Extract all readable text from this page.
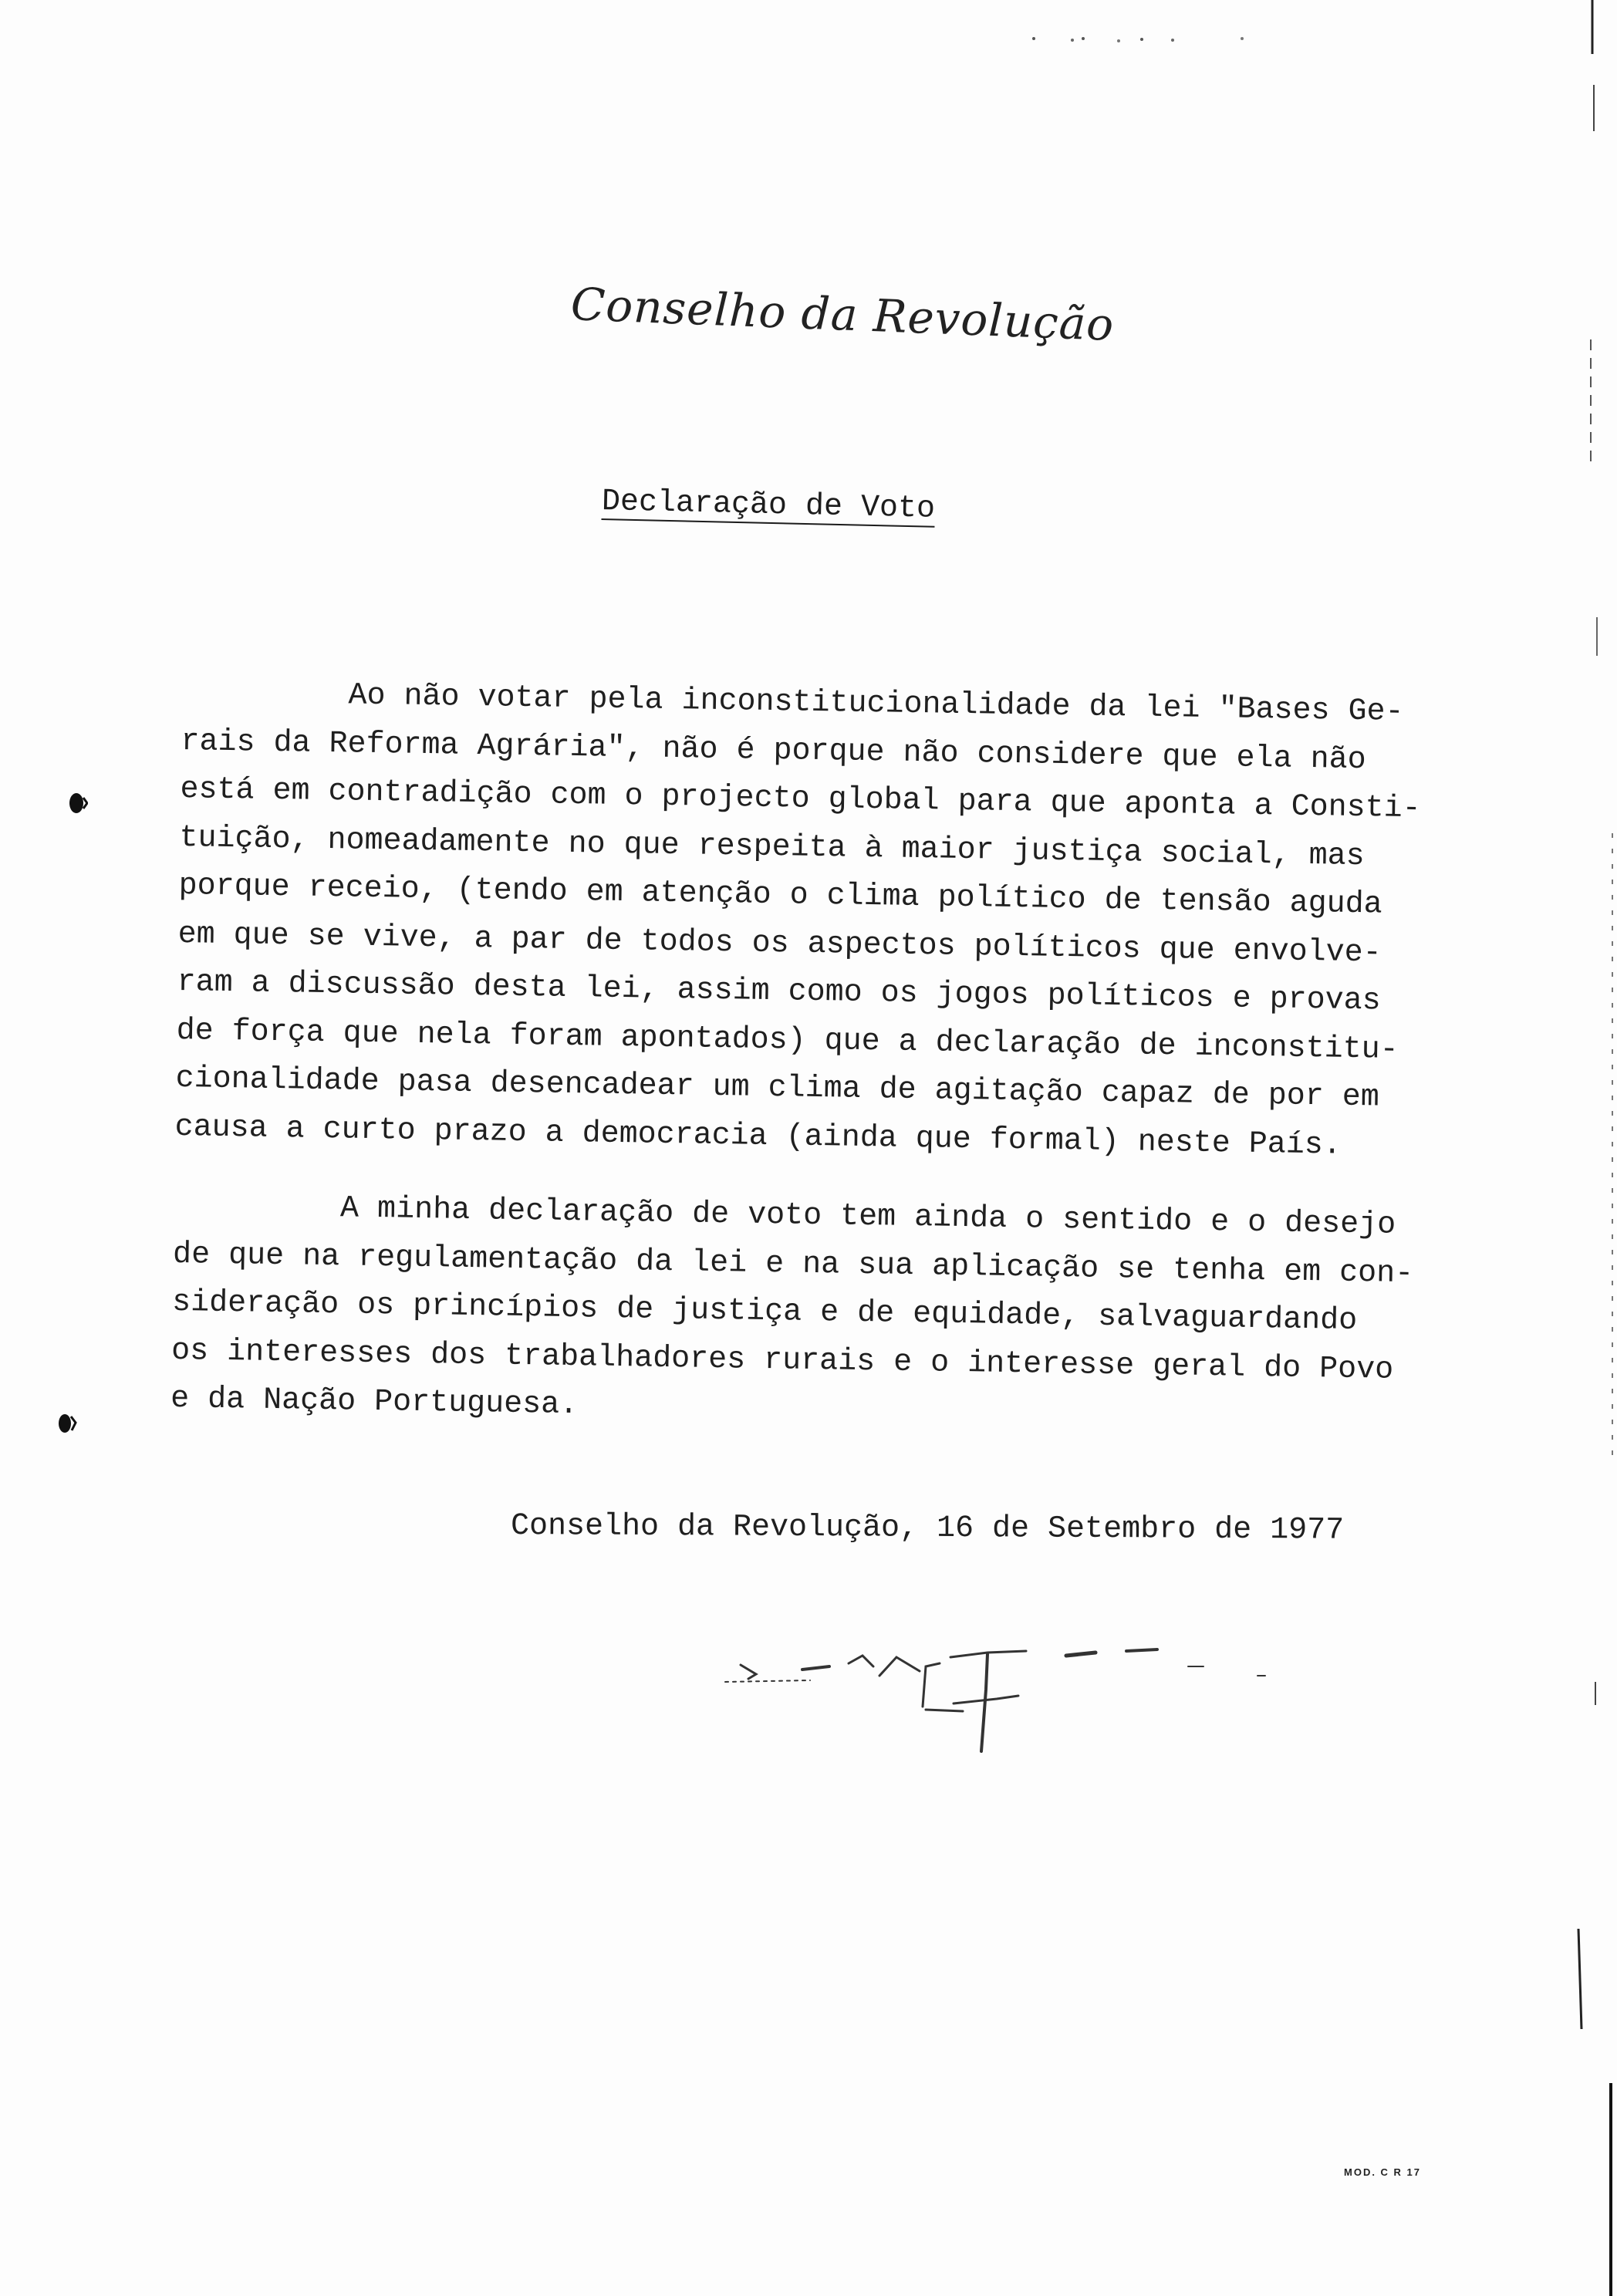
Conselho da Revolução
Declaração de Voto
Ao não votar pela inconstitucionalidade da lei "Bases Ge-
rais da Reforma Agrária", não é porque não considere que ela não
está em contradição com o projecto global para que aponta a Consti-
tuição, nomeadamente no que respeita à maior justiça social, mas
porque receio, (tendo em atenção o clima político de tensão aguda
em que se vive, a par de todos os aspectos políticos que envolve-
ram a discussão desta lei, assim como os jogos políticos e provas
de força que nela foram apontados) que a declaração de inconstitu-
cionalidade pasa desencadear um clima de agitação capaz de por em
causa a curto prazo a democracia (ainda que formal) neste País.
A minha declaração de voto tem ainda o sentido e o desejo
de que na regulamentação da lei e na sua aplicação se tenha em con-
sideração os princípios de justiça e de equidade, salvaguardando
os interesses dos trabalhadores rurais e o interesse geral do Povo
e da Nação Portuguesa.
Conselho da Revolução, 16 de Setembro de 1977
MOD. C R 17
